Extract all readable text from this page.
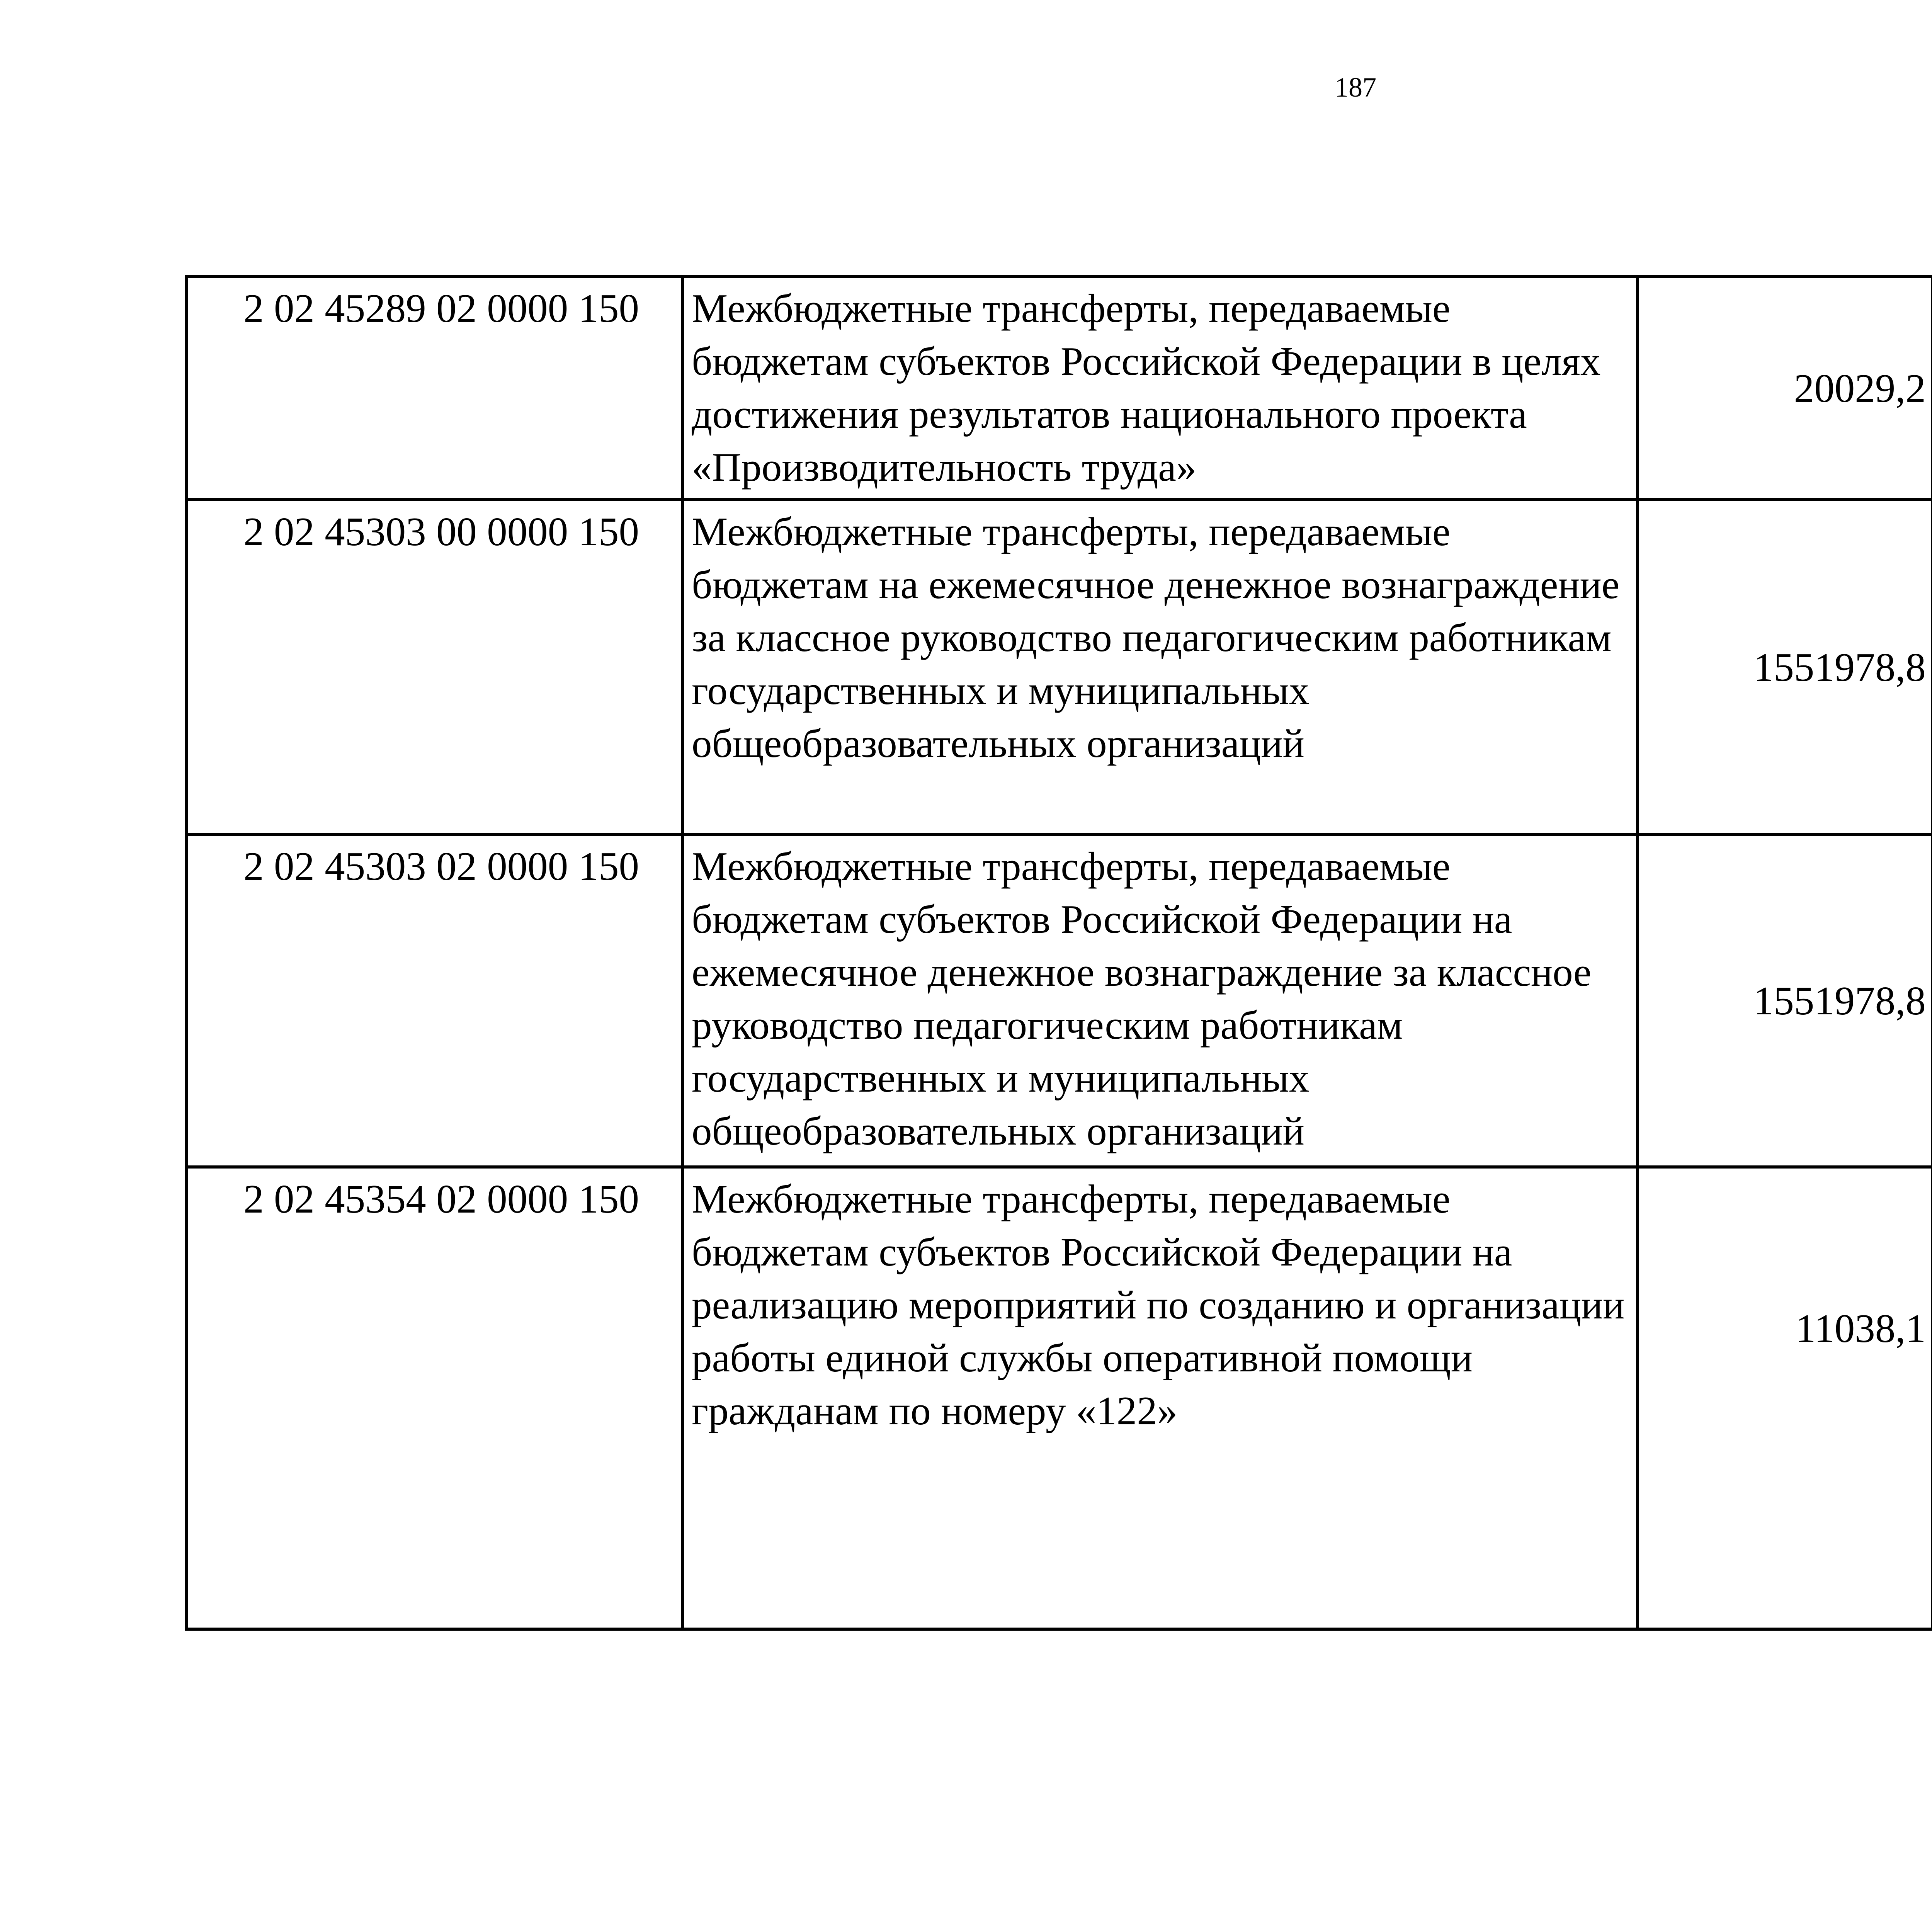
187
2 02 45289 02 0000 150	Межбюджетные трансферты, передаваемые бюджетам субъектов Российской Федерации в целях достижения результатов национального проекта «Производительность труда»	20029,2		
2 02 45303 00 0000 150	Межбюджетные трансферты, передаваемые бюджетам на ежемесячное денежное вознаграждение за классное руководство педагогическим работникам государственных и муниципальных общеобразовательных организаций	1551978,8		
2 02 45303 02 0000 150	Межбюджетные трансферты, передаваемые бюджетам субъектов Российской Федерации на ежемесячное денежное вознаграждение за классное руководство педагогическим работникам государственных и муниципальных общеобразовательных организаций	1551978,8		
2 02 45354 02 0000 150	Межбюджетные трансферты, передаваемые бюджетам субъектов Российской Федерации на реализацию мероприятий по созданию и организации работы единой службы оперативной помощи гражданам по номеру «122»	11038,1		
